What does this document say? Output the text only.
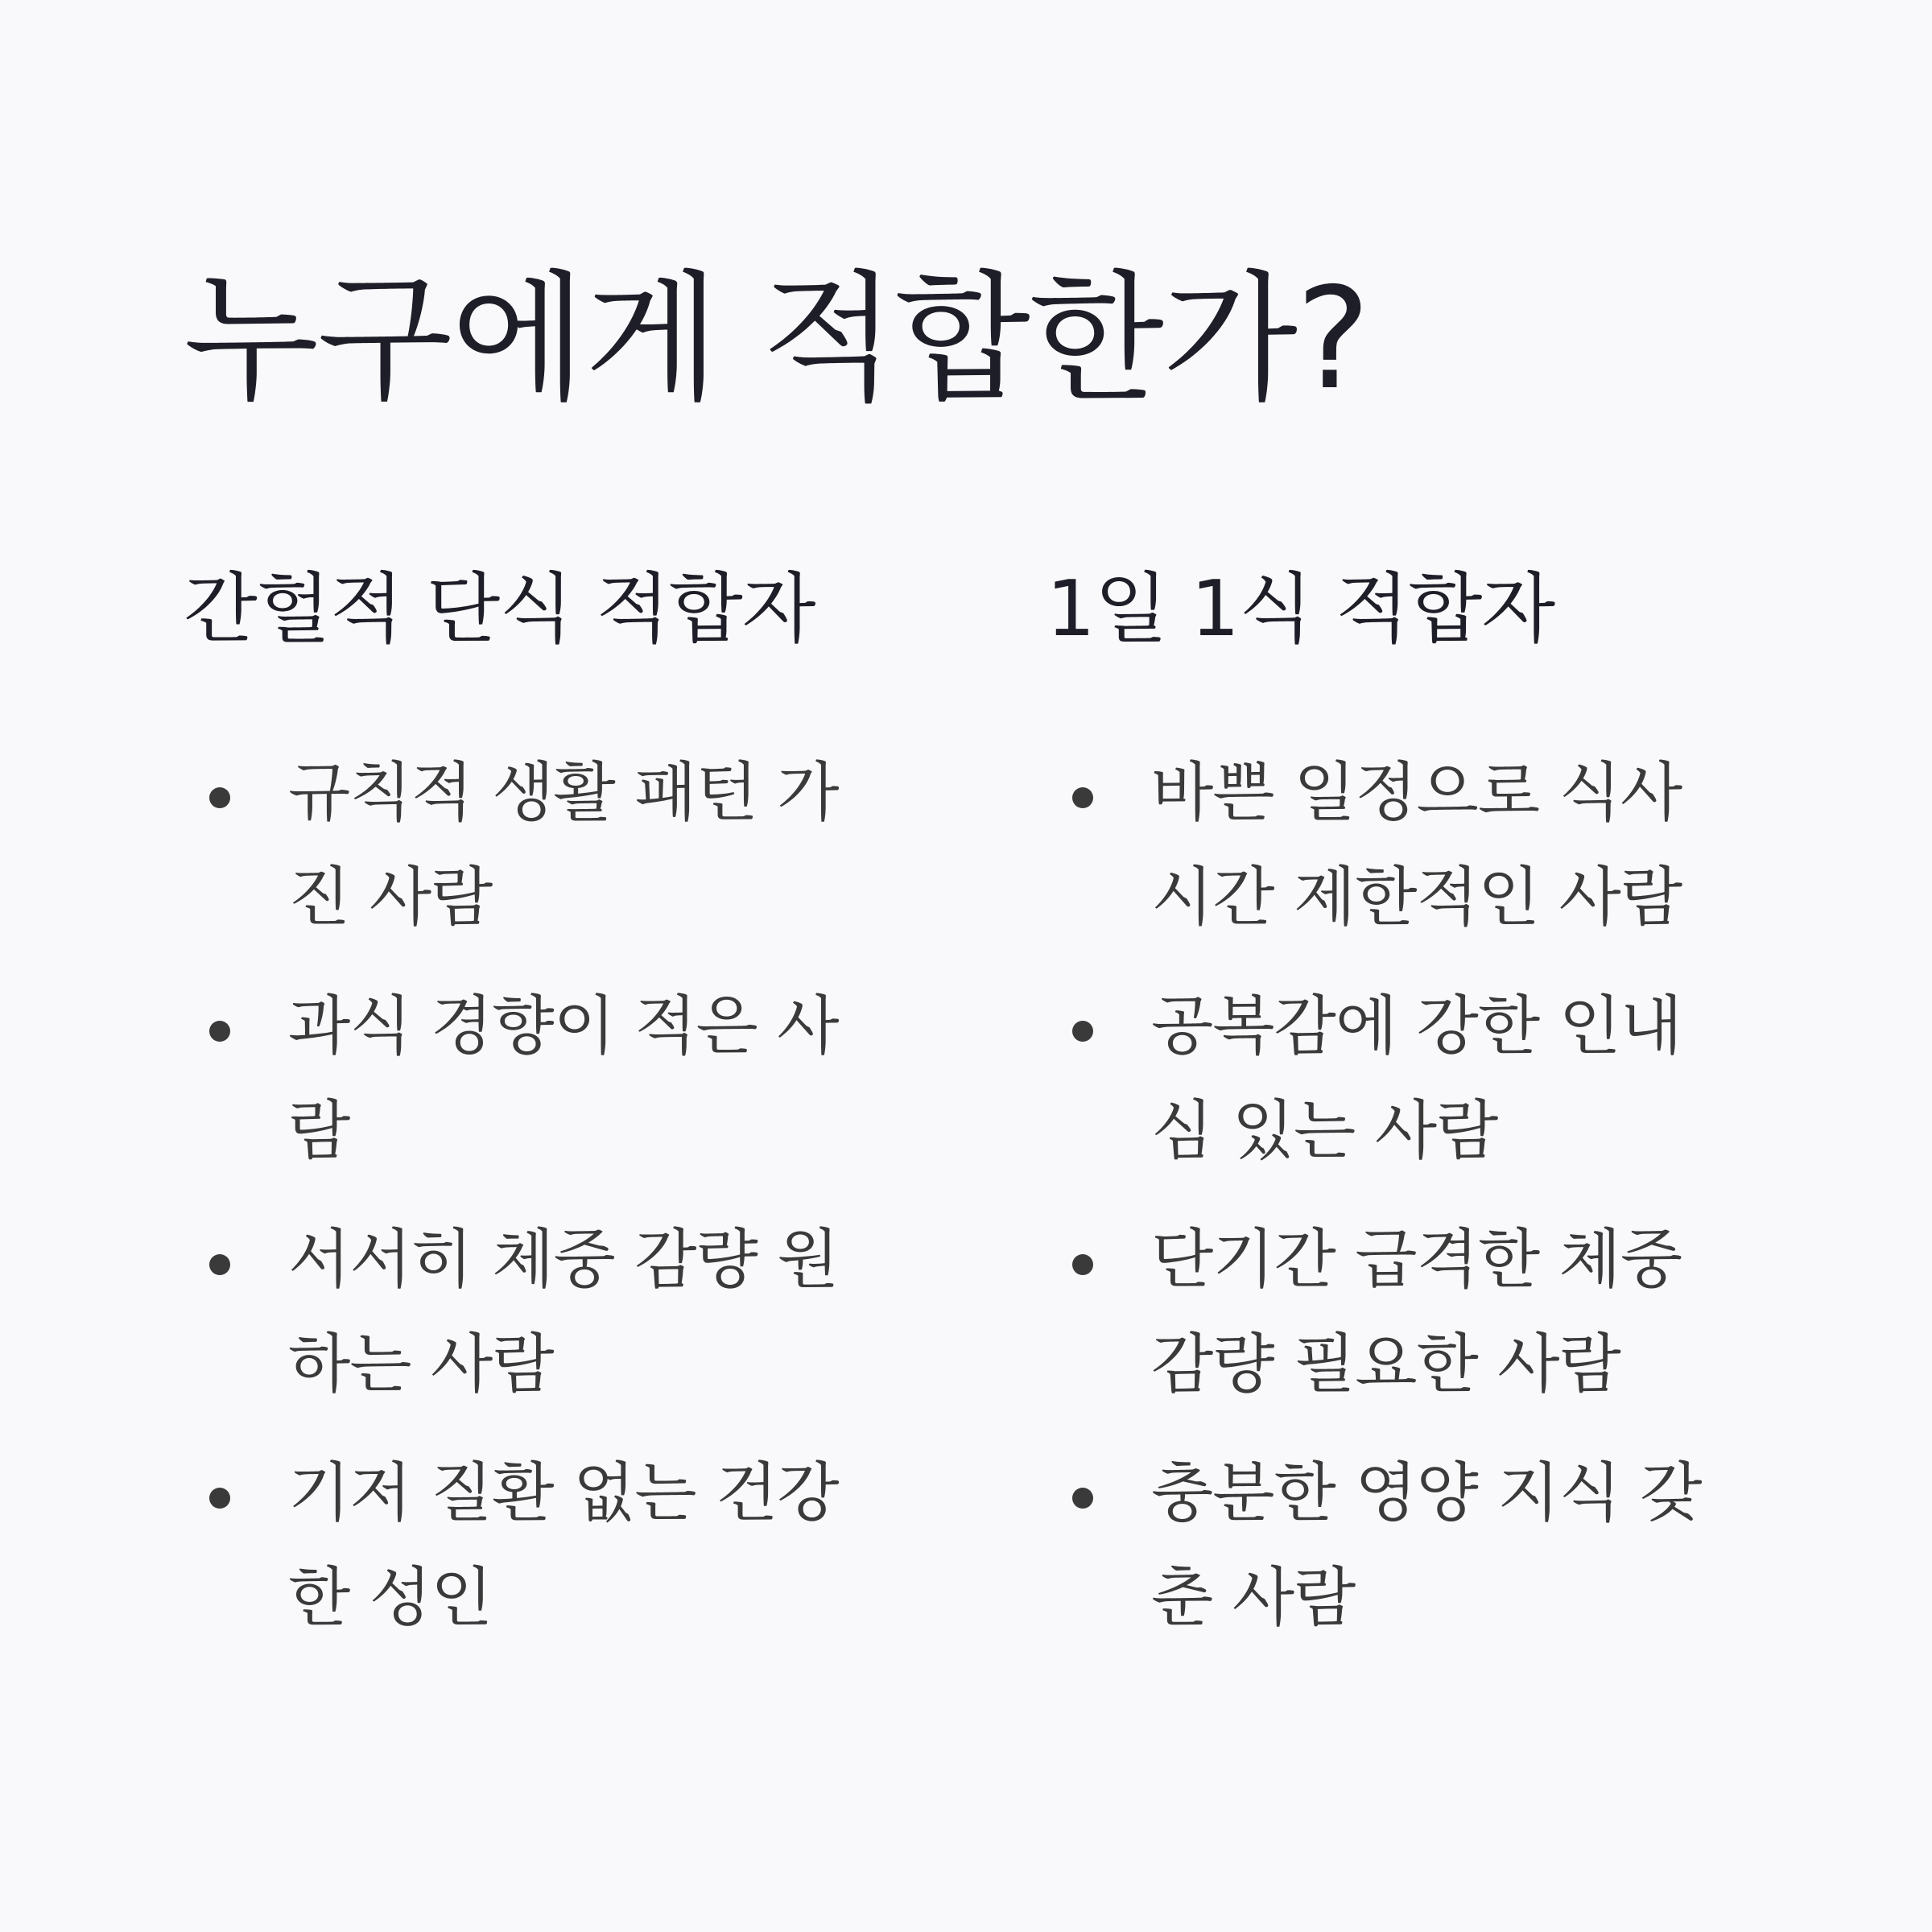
누구에게 적합한가?
간헐적 단식 적합자
규칙적 생활 패턴 가진 사람
과식 경향이 적은 사람
서서히 체중 감량 원하는 사람
기저 질환 없는 건강한 성인
1일 1식 적합자
바쁜 일정으로 식사 시간 제한적인 사람
공복감에 강한 인내심 있는 사람
단기간 급격한 체중 감량 필요한 사람
충분한 영양 지식 갖춘 사람
